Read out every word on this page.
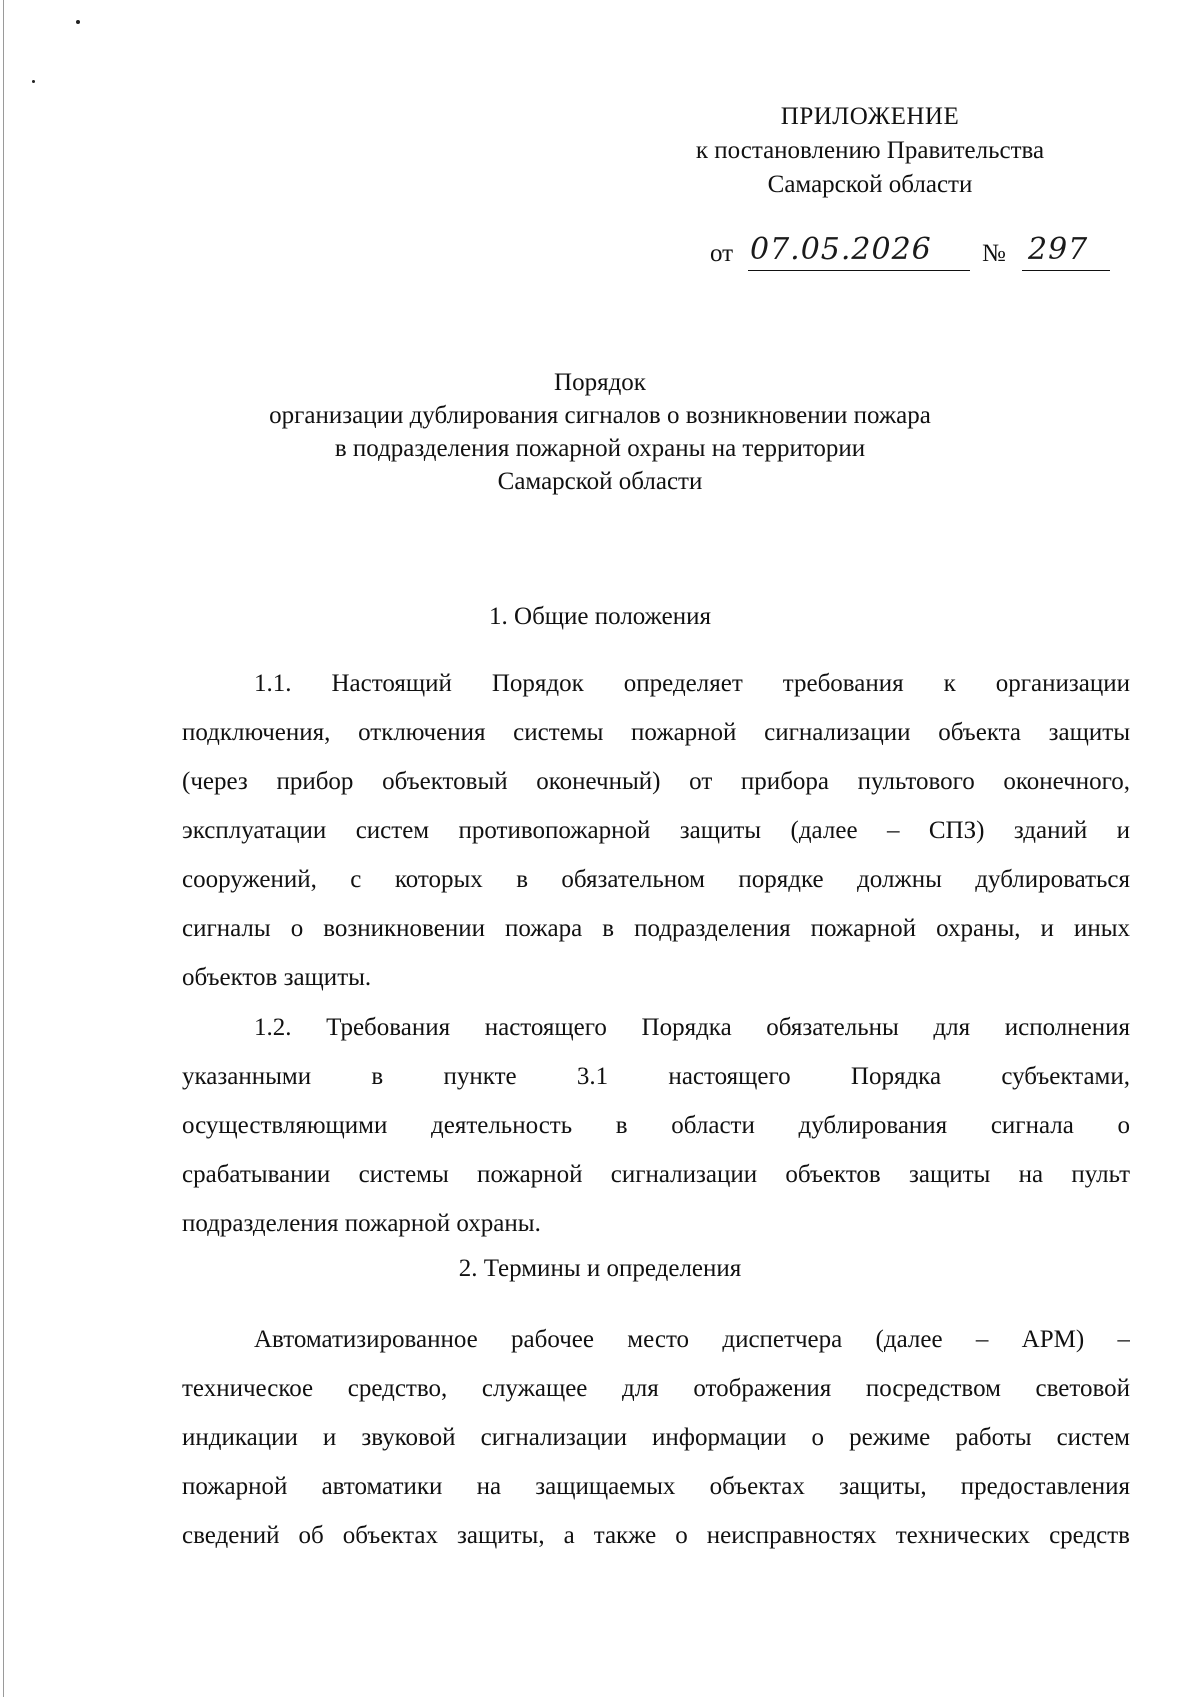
ПРИЛОЖЕНИЕ
к постановлению Правительства
Самарской области
от 07.05.2026 № 297
Порядок
организации дублирования сигналов о возникновении пожара
в подразделения пожарной охраны на территории
Самарской области
1. Общие положения
1.1. Настоящий Порядок определяет требования к организации
подключения, отключения системы пожарной сигнализации объекта защиты
(через прибор объектовый оконечный) от прибора пультового оконечного,
эксплуатации систем противопожарной защиты (далее – СПЗ) зданий и
сооружений, с которых в обязательном порядке должны дублироваться
сигналы о возникновении пожара в подразделения пожарной охраны, и иных
объектов защиты.
1.2. Требования настоящего Порядка обязательны для исполнения
указанными в пункте 3.1 настоящего Порядка субъектами,
осуществляющими деятельность в области дублирования сигнала о
срабатывании системы пожарной сигнализации объектов защиты на пульт
подразделения пожарной охраны.
2. Термины и определения
Автоматизированное рабочее место диспетчера (далее – АРМ) –
техническое средство, служащее для отображения посредством световой
индикации и звуковой сигнализации информации о режиме работы систем
пожарной автоматики на защищаемых объектах защиты, предоставления
сведений об объектах защиты, а также о неисправностях технических средств
